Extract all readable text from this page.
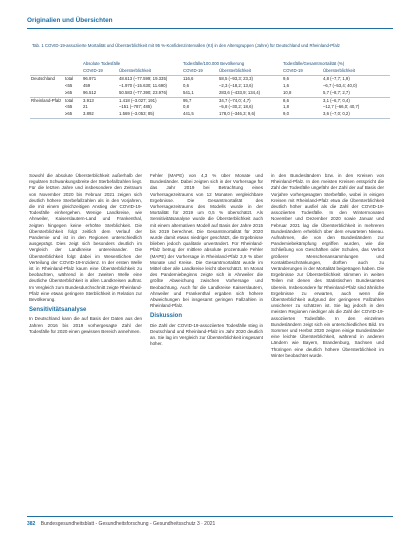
Originalien und Übersichten
Tab. 1 COVID-19-assoziierte Mortalität und Übersterblichkeit mit 95 %-Konfidenzintervallen (KI) in den Altersgruppen (Jahre) für Deutschland und Rheinland-Pfalz
		Absolute Todesfälle		Todesfälle/100.000 Bevölkerung		Todesfälle/Gesamtmortalität (%)	
		COVID-19	Übersterblichkeit	COVID-19	Übersterblichkeit	COVID-19	Übersterblichkeit
Deutschland	total	96.971	48.613 (–77.599; 19.335)	116,6	58,5 (–93,3; 23,3)	9,6	4,8 (–7,7; 1,9)
	<65	459	–1.970 (–15.630; 11.690)	0,6	–2,3 (–18,2; 13,6)	1,6	–6,7 (–53,4; 40,0)
	≥65	96.512	50.583 (–77.390; 23.976)	541,1	283,6 (–433,9; 134,4)	10,8	5,7 (–8,7; 2,7)
Rheinland-Pfalz	total	3.913	1.418 (–3.027; 191)	95,7	34,7 (–74,0; 4,7)	8,6	3,1 (–6,7; 0,4)
	<65	21	–151 (–787; 485)	0,8	–5,8 (–30,2; 18,6)	1,8	–12,7 (–66,0; 40,7)
	≥65	3.892	1.569 (–3.053; 85)	441,5	178,0 (–346,3; 9,6)	9,0	3,6 (–7,0; 0,2)

Sowohl die absolute Übersterblichkeit außerhalb der regulären Schwankungsbreite der Sterbefallzahlen liegt. Für die letzten Jahre und insbesondere den Zeitraum von November 2020 bis Februar 2021 zeigen sich deutlich höhere Sterbefallzahlen als in den Vorjahren, die mit einem gleichzeitigen Anstieg der COVID-19-Todesfälle einhergehen. Wenige Landkreise, wie Ahrweiler, Kaiserslautern-Land und Frankenthal, zeigten hingegen keine erhöhte Sterblichkeit. Die Übersterblichkeit folgt zeitlich dem Verlauf der Pandemie und ist in den Regionen unterschiedlich ausgeprägt. Dies zeigt sich besonders deutlich im Vergleich der Landkreise untereinander. Die Übersterblichkeit folgt dabei im Wesentlichen der Verteilung der COVID-19-Inzidenz. In der ersten Welle ist in Rheinland-Pfalz kaum eine Übersterblichkeit zu beobachten, während in der zweiten Welle eine deutliche Übersterblichkeit in allen Landkreisen auftrat. Im Vergleich zum Bundesdurchschnitt zeigte Rheinland-Pfalz eine etwas geringere Sterblichkeit in Relation zur Bevölkerung.

Sensitivitätsanalyse

In Deutschland kann die auf Basis der Daten aus den Jahren 2016 bis 2019 vorhergesagte Zahl der Todesfälle für 2020 einen gewissen Bereich annehmen.

Fehler (MAPE) von 4,3 % über Monate und Bundesländer. Dabei zeigten sich in der Vorhersage für das Jahr 2019 bei Betrachtung eines Vorhersagezeitraums von 12 Monaten vergleichbare Ergebnisse. Die Gesamtmortalität des Vorhersagezeitraums des Modells wurde in der Mortalität für 2019 um 0,5 % überschätzt. Als Sensitivitätsanalyse wurde die Übersterblichkeit auch mit einem alternativen Modell auf Basis der Jahre 2015 bis 2019 berechnet. Die Gesamtmortalität für 2020 wurde damit etwas niedriger geschätzt, die Ergebnisse blieben jedoch qualitativ unverändert. Für Rheinland-Pfalz betrug der mittlere absolute prozentuale Fehler (MAPE) der Vorhersage in Rheinland-Pfalz 3,9 % über Monate und Kreise. Die Gesamtmortalität wurde im Mittel über alle Landkreise leicht überschätzt. Im Monat des Pandemiebeginns zeigte sich in Ahrweiler die größte Abweichung zwischen Vorhersage und Beobachtung. Auch für die Landkreise Kaiserslautern, Ahrweiler und Frankenthal ergaben sich höhere Abweichungen bei insgesamt geringen Fallzahlen in Rheinland-Pfalz.

Diskussion

Die Zahl der COVID-19-assoziierten Todesfälle stieg in Deutschland und Rheinland-Pfalz im Jahr 2020 deutlich an. Sie lag im Vergleich zur Übersterblichkeit insgesamt höher.

in den Bundesländern bzw. in den Kreisen von Rheinland-Pfalz. In den meisten Kreisen entspricht die Zahl der Todesfälle ungefähr der Zahl der auf Basis der Vorjahre vorhergesagten Sterbefälle, wobei in einigen Kreisen mit Rheinland-Pfalz etwa die Übersterblichkeit deutlich höher ausfiel als die Zahl der COVID-19-assoziierten Todesfälle. In den Wintermonaten November und Dezember 2020 sowie Januar und Februar 2021 lag die Übersterblichkeit in mehreren Bundesländern erheblich über dem erwarteten Niveau. Aufnahmen, die von den Bundesländern zur Pandemiebekämpfung ergriffen wurden, wie die Schließung von Geschäften oder Schulen, das Verbot größerer Menschenansammlungen und Kontaktbeschränkungen, dürften auch zu Veränderungen in der Mortalität beigetragen haben. Die Ergebnisse zur Übersterblichkeit stimmen in weiten Teilen mit denen des Statistischen Bundesamtes überein. Insbesondere für Rheinland-Pfalz sind ähnliche Ergebnisse zu erwarten, auch wenn die Übersterblichkeit aufgrund der geringeren Fallzahlen unsicherer zu schätzen ist. Sie lag jedoch in den meisten Regionen niedriger als die Zahl der COVID-19-assoziierten Todesfälle. In den einzelnen Bundesländern zeigt sich ein unterschiedliches Bild. Im Sommer und Herbst 2020 zeigten einige Bundesländer eine leichte Übersterblichkeit, während in anderen Ländern wie Bayern, Brandenburg, Sachsen und Thüringen eine deutlich höhere Übersterblichkeit im Winter beobachtet wurde.

382 Bundesgesundheitsblatt - Gesundheitsforschung - Gesundheitsschutz 3 · 2021
